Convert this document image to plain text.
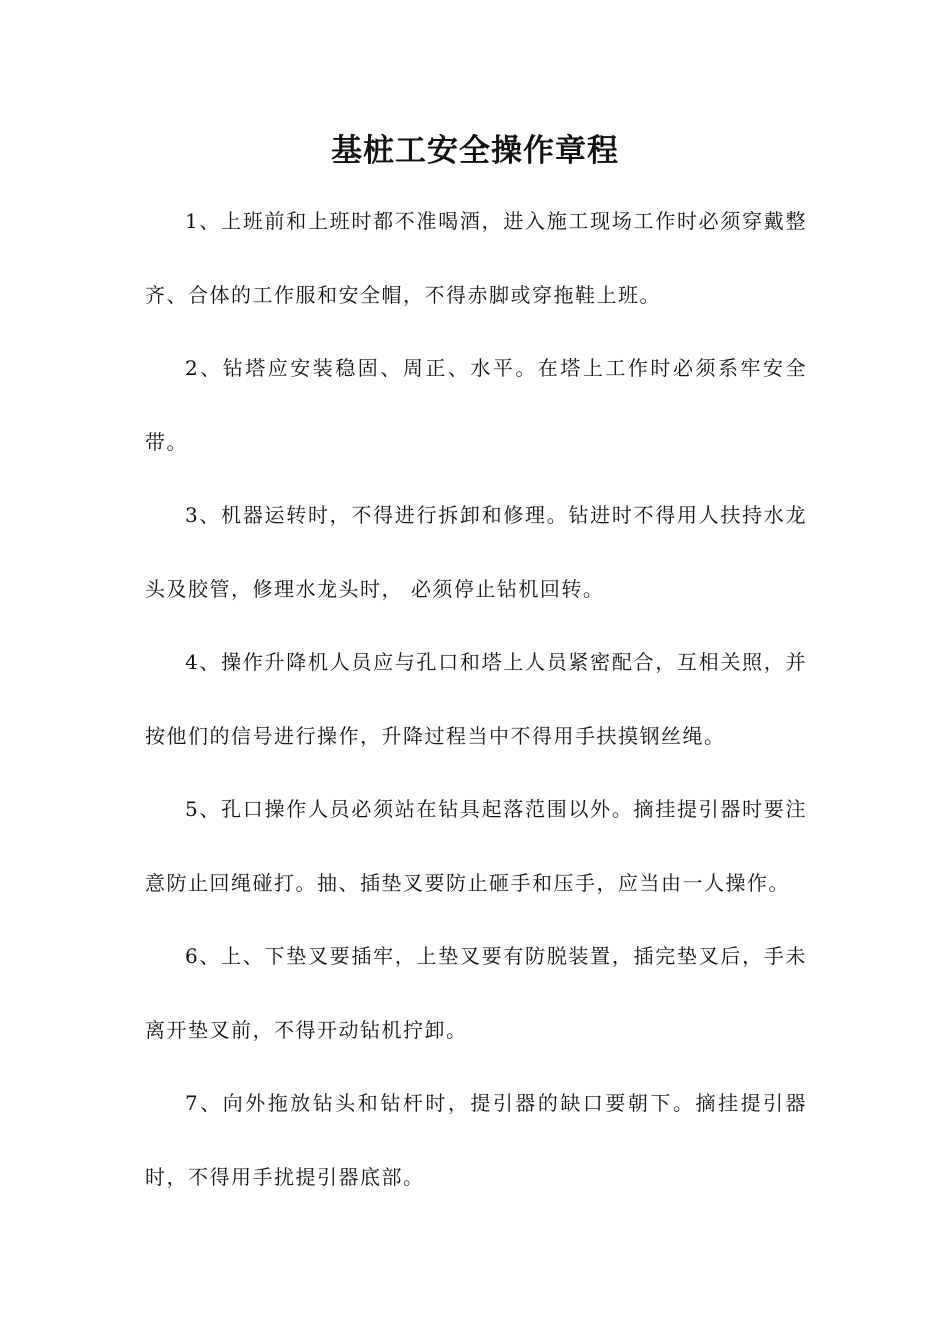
基桩工安全操作章程

1、上班前和上班时都不准喝酒，进入施工现场工作时必须穿戴整齐、合体的工作服和安全帽，不得赤脚或穿拖鞋上班。

2、钻塔应安装稳固、周正、水平。在塔上工作时必须系牢安全带。

3、机器运转时，不得进行拆卸和修理。钻进时不得用人扶持水龙头及胶管，修理水龙头时， 必须停止钻机回转。

4、操作升降机人员应与孔口和塔上人员紧密配合，互相关照，并按他们的信号进行操作，升降过程当中不得用手扶摸钢丝绳。

5、孔口操作人员必须站在钻具起落范围以外。摘挂提引器时要注意防止回绳碰打。抽、插垫叉要防止砸手和压手，应当由一人操作。

6、上、下垫叉要插牢，上垫叉要有防脱装置，插完垫叉后，手未离开垫叉前，不得开动钻机拧卸。

7、向外拖放钻头和钻杆时，提引器的缺口要朝下。摘挂提引器时，不得用手扰提引器底部。
